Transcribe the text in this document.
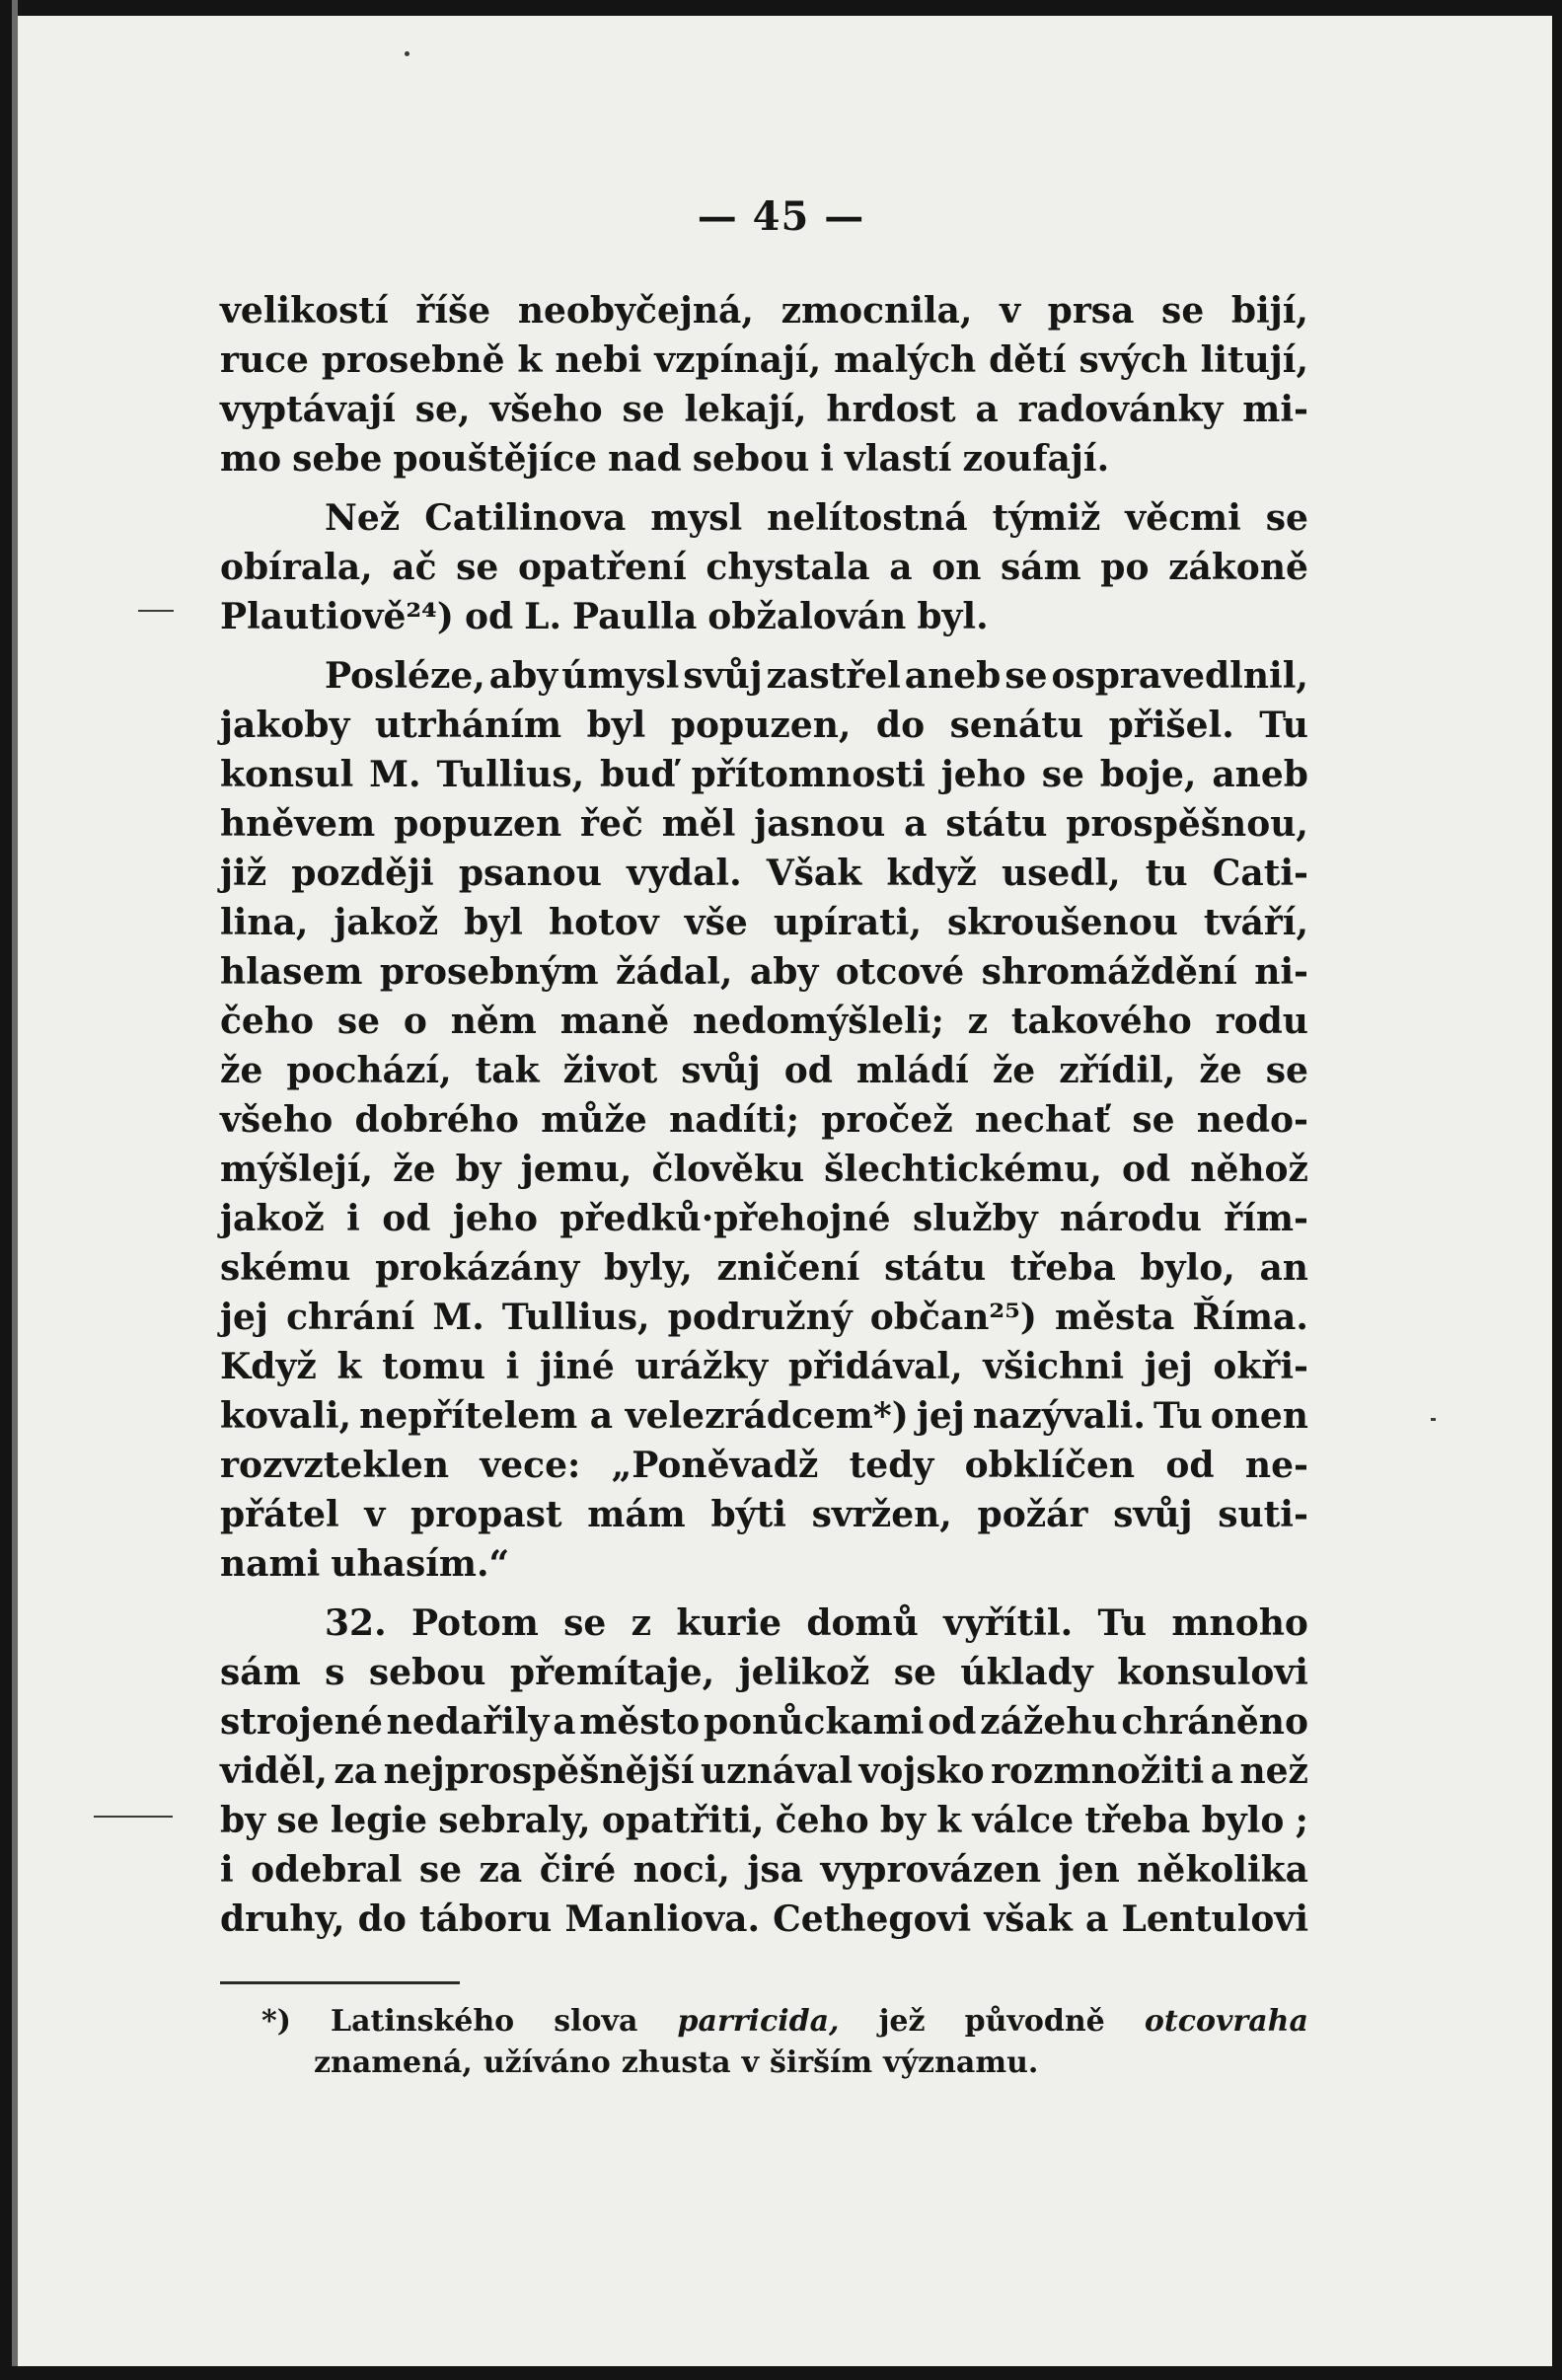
— 45 —
velikostí říše neobyčejná, zmocnila, v prsa se bijí,
ruce prosebně k nebi vzpínají, malých dětí svých litují,
vyptávají se, všeho se lekají, hrdost a radovánky mi-
mo sebe pouštějíce nad sebou i vlastí zoufají.
Než Catilinova mysl nelítostná týmiž věcmi se
obírala, ač se opatření chystala a on sám po zákoně
Plautiově²⁴) od L. Paulla obžalován byl.
Posléze, aby úmysl svůj zastřel aneb se ospravedlnil,
jakoby utrháním byl popuzen, do senátu přišel. Tu
konsul M. Tullius, buď přítomnosti jeho se boje, aneb
hněvem popuzen řeč měl jasnou a státu prospěšnou,
již později psanou vydal. Však když usedl, tu Cati-
lina, jakož byl hotov vše upírati, skroušenou tváří,
hlasem prosebným žádal, aby otcové shromáždění ni-
čeho se o něm maně nedomýšleli; z takového rodu
že pochází, tak život svůj od mládí že zřídil, že se
všeho dobrého může nadíti; pročež nechať se nedo-
mýšlejí, že by jemu, člověku šlechtickému, od něhož
jakož i od jeho předků·přehojné služby národu řím-
skému prokázány byly, zničení státu třeba bylo, an
jej chrání M. Tullius, podružný občan²⁵) města Říma.
Když k tomu i jiné urážky přidával, všichni jej okři-
kovali, nepřítelem a velezrádcem*) jej nazývali. Tu onen
rozvzteklen vece: „Poněvadž tedy obklíčen od ne-
přátel v propast mám býti svržen, požár svůj suti-
nami uhasím.“
32. Potom se z kurie domů vyřítil. Tu mnoho
sám s sebou přemítaje, jelikož se úklady konsulovi
strojené nedařily a město ponůckami od zážehu chráněno
viděl, za nejprospěšnější uznával vojsko rozmnožiti a než
by se legie sebraly, opatřiti, čeho by k válce třeba bylo ;
i odebral se za čiré noci, jsa vyprovázen jen několika
druhy, do táboru Manliova. Cethegovi však a Lentulovi
*) Latinského slova parricida, jež původně otcovraha
znamená, užíváno zhusta v širším významu.
